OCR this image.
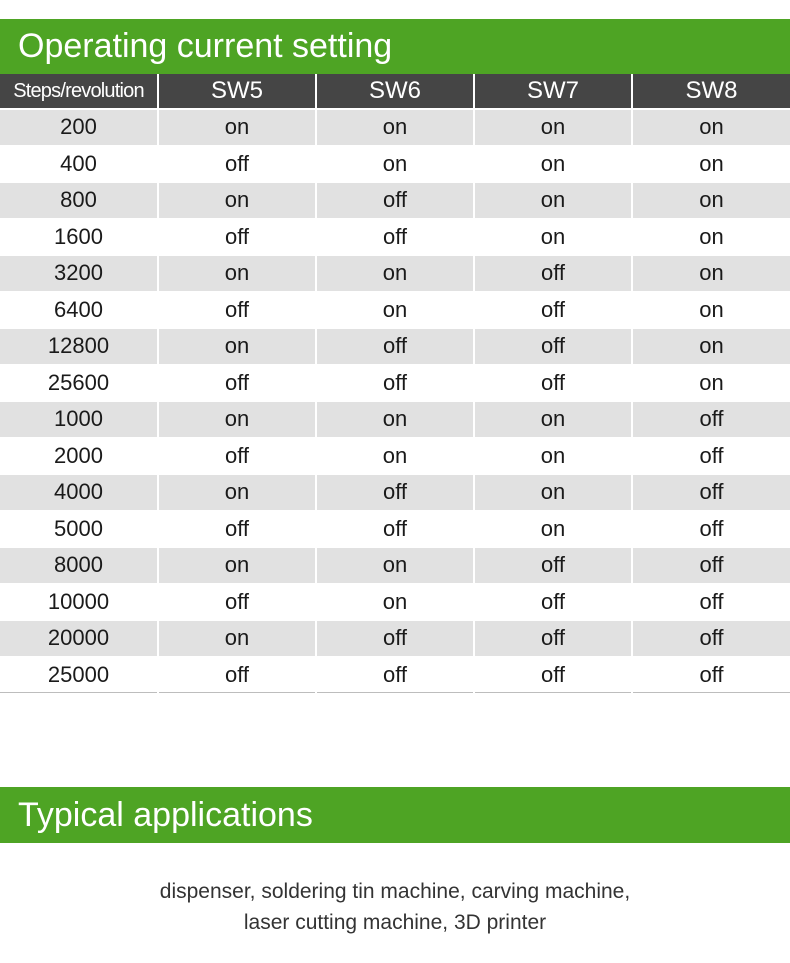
Operating current setting
Steps/revolution	SW5	SW6	SW7	SW8
200	on	on	on	on
400	off	on	on	on
800	on	off	on	on
1600	off	off	on	on
3200	on	on	off	on
6400	off	on	off	on
12800	on	off	off	on
25600	off	off	off	on
1000	on	on	on	off
2000	off	on	on	off
4000	on	off	on	off
5000	off	off	on	off
8000	on	on	off	off
10000	off	on	off	off
20000	on	off	off	off
25000	off	off	off	off
Typical applications
dispenser, soldering tin machine, carving machine,
laser cutting machine, 3D printer
